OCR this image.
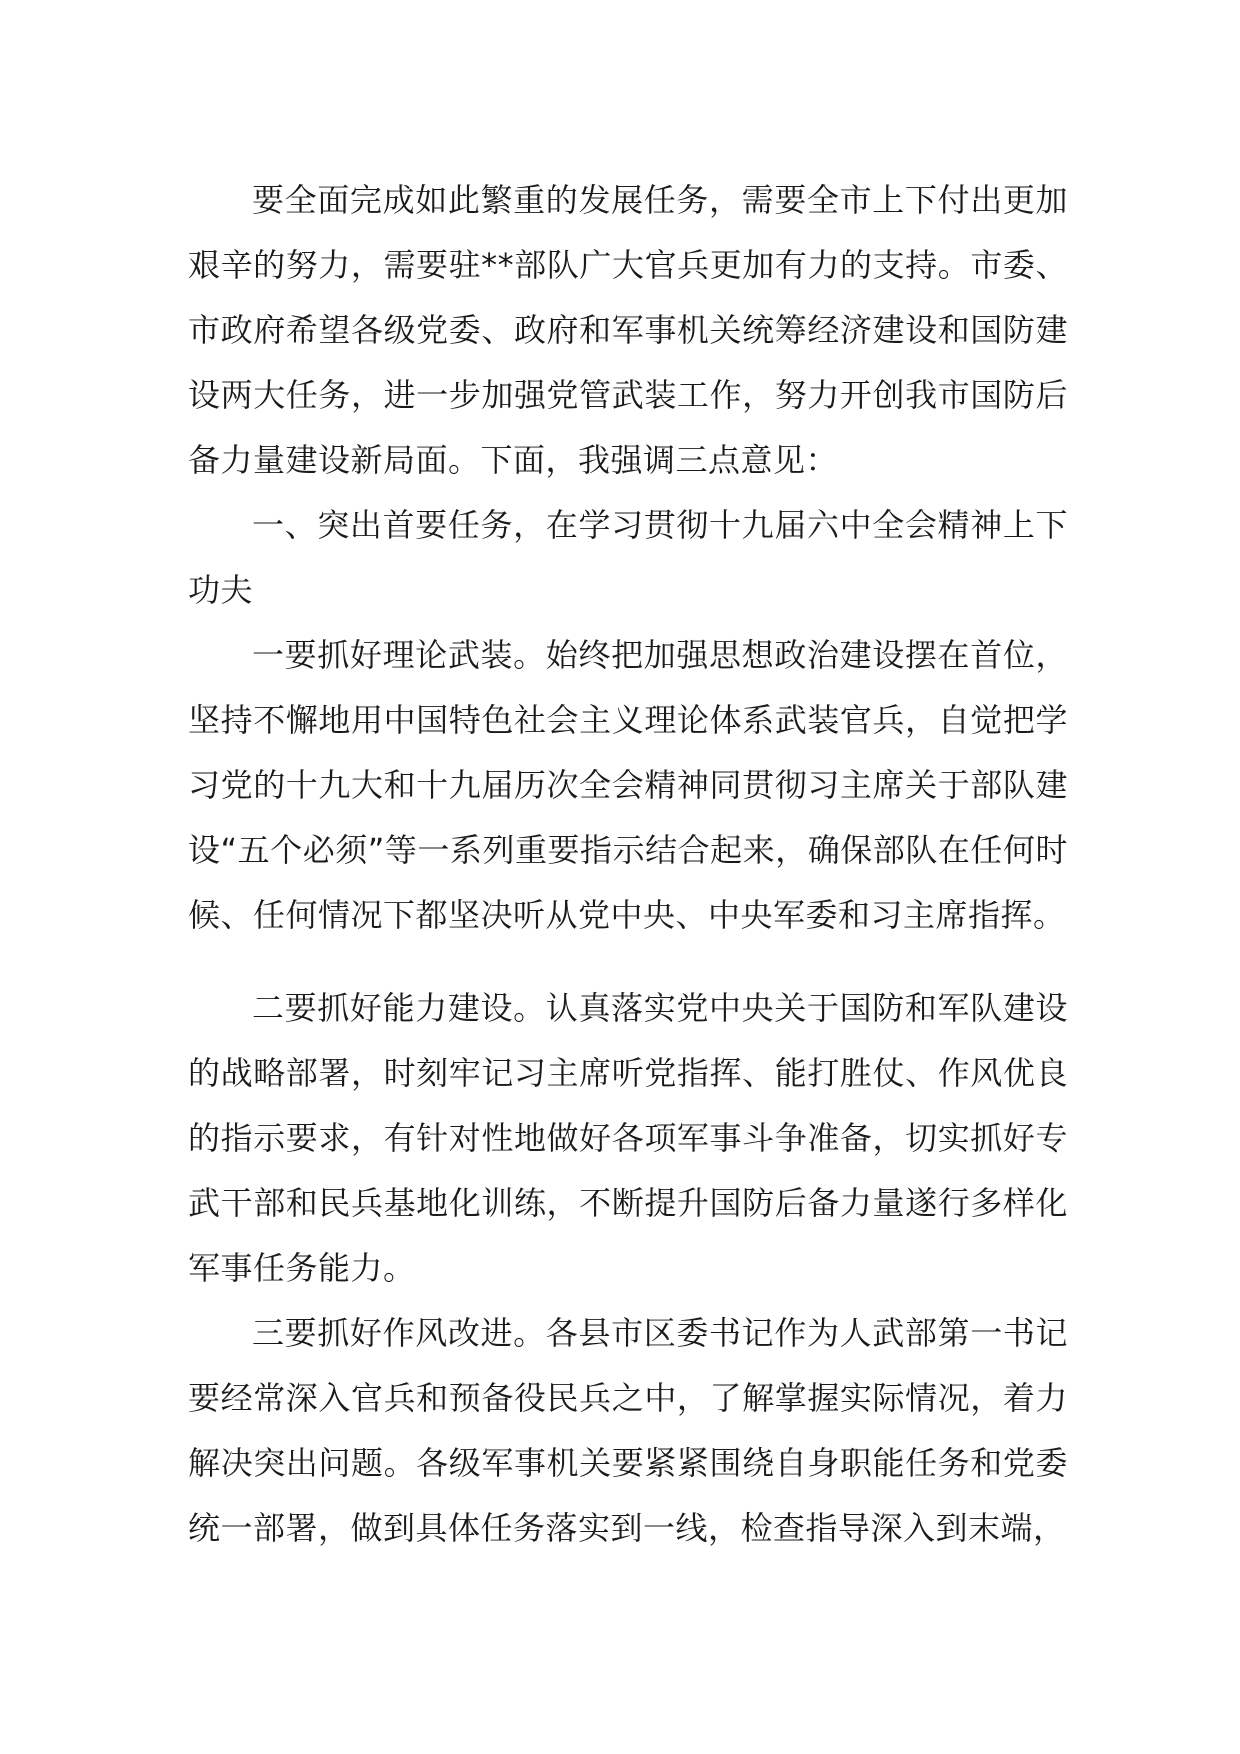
要全面完成如此繁重的发展任务，需要全市上下付出更加艰辛的努力，需要驻**部队广大官兵更加有力的支持。市委、市政府希望各级党委、政府和军事机关统筹经济建设和国防建设两大任务，进一步加强党管武装工作，努力开创我市国防后备力量建设新局面。下面，我强调三点意见：

一、突出首要任务，在学习贯彻十九届六中全会精神上下功夫

一要抓好理论武装。始终把加强思想政治建设摆在首位，坚持不懈地用中国特色社会主义理论体系武装官兵，自觉把学习党的十九大和十九届历次全会精神同贯彻习主席关于部队建设“五个必须”等一系列重要指示结合起来，确保部队在任何时候、任何情况下都坚决听从党中央、中央军委和习主席指挥。

二要抓好能力建设。认真落实党中央关于国防和军队建设的战略部署，时刻牢记习主席听党指挥、能打胜仗、作风优良的指示要求，有针对性地做好各项军事斗争准备，切实抓好专武干部和民兵基地化训练，不断提升国防后备力量遂行多样化军事任务能力。

三要抓好作风改进。各县市区委书记作为人武部第一书记要经常深入官兵和预备役民兵之中，了解掌握实际情况，着力解决突出问题。各级军事机关要紧紧围绕自身职能任务和党委统一部署，做到具体任务落实到一线，检查指导深入到末端，
